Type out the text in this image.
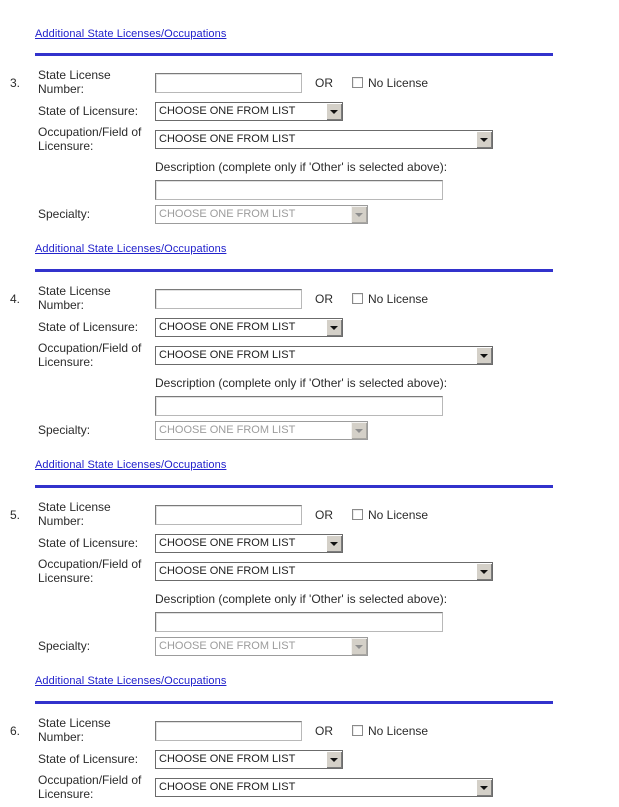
Additional State Licenses/Occupations
3.
State License Number:	OR	No License
State of Licensure:	CHOOSE ONE FROM LIST
Occupation/Field of Licensure:	CHOOSE ONE FROM LIST
Description (complete only if 'Other' is selected above):
Specialty:	CHOOSE ONE FROM LIST
Additional State Licenses/Occupations
4.
State License Number:	OR	No License
State of Licensure:	CHOOSE ONE FROM LIST
Occupation/Field of Licensure:	CHOOSE ONE FROM LIST
Description (complete only if 'Other' is selected above):
Specialty:	CHOOSE ONE FROM LIST
Additional State Licenses/Occupations
5.
State License Number:	OR	No License
State of Licensure:	CHOOSE ONE FROM LIST
Occupation/Field of Licensure:	CHOOSE ONE FROM LIST
Description (complete only if 'Other' is selected above):
Specialty:	CHOOSE ONE FROM LIST
Additional State Licenses/Occupations
6.
State License Number:	OR	No License
State of Licensure:	CHOOSE ONE FROM LIST
Occupation/Field of Licensure:	CHOOSE ONE FROM LIST
